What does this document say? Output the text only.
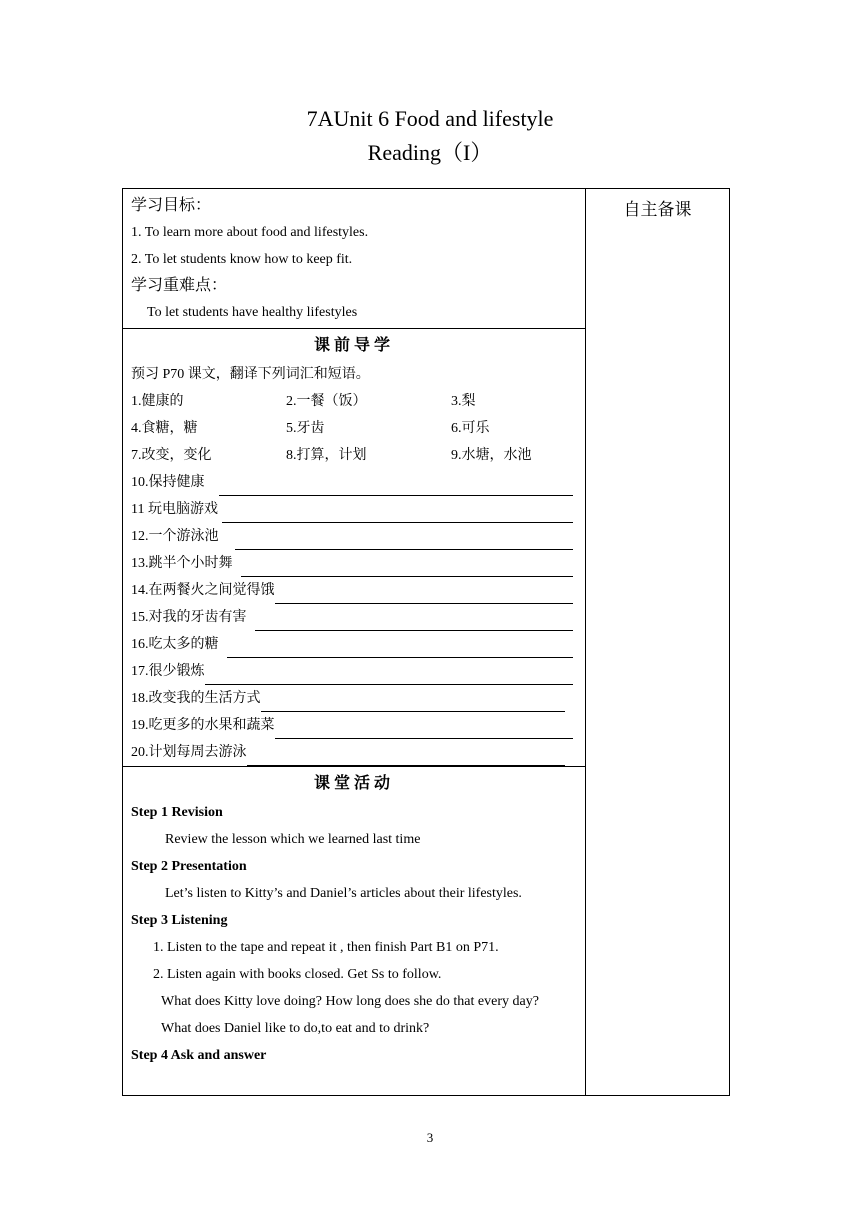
7AUnit 6 Food and lifestyle
Reading（I）
学习目标：
1. To learn more about food and lifestyles.
2. To let students know how to keep fit.
学习重难点：
To let students have healthy lifestyles
	自主备课

课前导学
预习 P70 课文，翻译下列词汇和短语。
1.健康的	2.一餐（饭）	3.梨
4.食糖，糖	5.牙齿	6.可乐
7.改变，变化	8.打算，计划	9.水塘，水池
10.保持健康
11 玩电脑游戏
12.一个游泳池
13.跳半个小时舞
14.在两餐火之间觉得饿
15.对我的牙齿有害
16.吃太多的糖
17.很少锻炼
18.改变我的生活方式
19.吃更多的水果和蔬菜
20.计划每周去游泳

课堂活动
Step 1 Revision
Review the lesson which we learned last time
Step 2 Presentation
Let’s listen to Kitty’s and Daniel’s articles about their lifestyles.
Step 3 Listening
1. Listen to the tape and repeat it , then finish Part B1 on P71.
2. Listen again with books closed. Get Ss to follow.
What does Kitty love doing? How long does she do that every day?
What does Daniel like to do,to eat and to drink?
Step 4 Ask and answer
3
